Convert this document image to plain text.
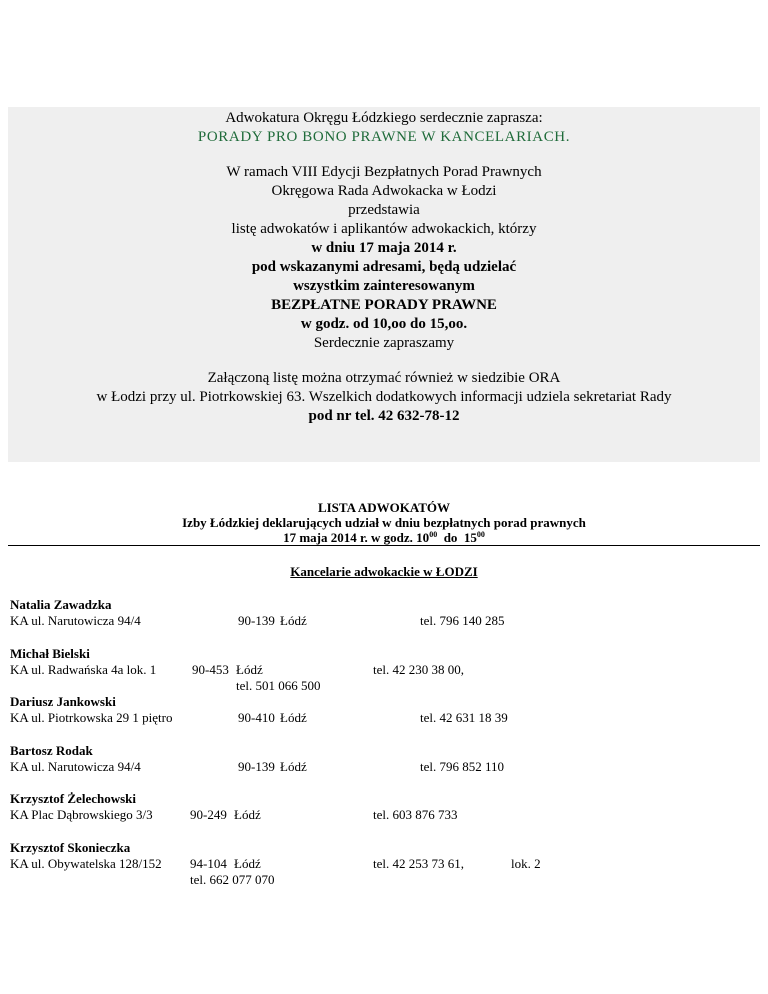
Adwokatura Okręgu Łódzkiego serdecznie zaprasza:
PORADY PRO BONO PRAWNE W KANCELARIACH.
W ramach VIII Edycji Bezpłatnych Porad Prawnych
Okręgowa Rada Adwokacka w Łodzi
przedstawia
listę adwokatów i aplikantów adwokackich, którzy
w dniu 17 maja 2014 r.
pod wskazanymi adresami, będą udzielać
wszystkim zainteresowanym
BEZPŁATNE PORADY PRAWNE
w godz. od 10,oo do 15,oo.
Serdecznie zapraszamy
Załączoną listę można otrzymać również w siedzibie ORA
w Łodzi przy ul. Piotrkowskiej 63. Wszelkich dodatkowych informacji udziela sekretariat Rady
pod nr tel. 42 632-78-12
LISTA ADWOKATÓW
Izby Łódzkiej deklarujących udział w dniu bezpłatnych porad prawnych
17 maja 2014 r. w godz. $10^{00}$  do  $15^{00}$
Kancelarie adwokackie w ŁODZI
Natalia Zawadzka
KA ul. Narutowicza 94/4	90-139 Łódź	tel. 796 140 285
Michał Bielski
KA ul. Radwańska 4a lok. 1	90-453 Łódź	tel. 42 230 38 00,
tel. 501 066 500
Dariusz Jankowski
KA ul. Piotrkowska 29 1 piętro	90-410 Łódź	tel. 42 631 18 39
Bartosz Rodak
KA ul. Narutowicza 94/4	90-139 Łódź	tel. 796 852 110
Krzysztof Żelechowski
KA Plac Dąbrowskiego 3/3	90-249 Łódź	tel. 603 876 733
Krzysztof Skonieczka
KA ul. Obywatelska 128/152 94-104 Łódź	tel. 42 253 73 61,	lok. 2
tel. 662 077 070
